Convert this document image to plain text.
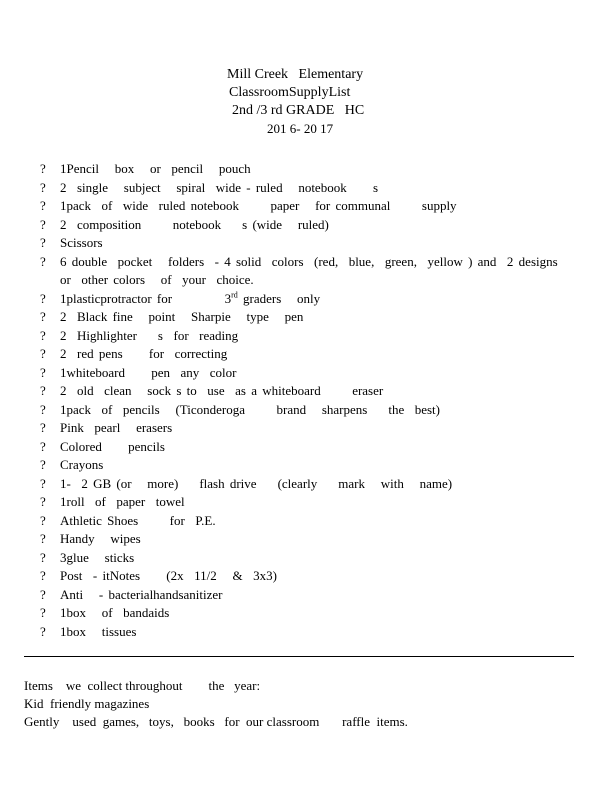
Mill Creek   Elementary
ClassroomSupplyList
2nd /3 rd GRADE   HC
201 6- 20 17
? 1Pencil   box   or  pencil   pouch
? 2  single   subject   spiral  wide - ruled   notebook     s
? 1pack  of  wide  ruled notebook      paper   for communal      supply
? 2  composition      notebook    s (wide   ruled)
? Scissors
? 6 double  pocket   folders  - 4 solid  colors  (red,  blue,  green,  yellow ) and  2 designs   or  other colors   of  your  choice.
? 1plasticprotractor for          3rd graders   only
? 2  Black fine   point   Sharpie   type   pen
? 2  Highlighter    s  for  reading
? 2  red pens     for  correcting
? 1whiteboard     pen  any  color
? 2  old  clean   sock s to  use  as a whiteboard      eraser
? 1pack  of  pencils   (Ticonderoga      brand   sharpens    the  best)
? Pink  pearl   erasers
? Colored     pencils
? Crayons
? 1-  2 GB (or   more)    flash drive    (clearly    mark   with   name)
? 1roll  of  paper  towel
? Athletic Shoes      for  P.E.
? Handy   wipes
? 3glue   sticks
? Post  - itNotes     (2x  11/2   &  3x3)
? Anti   - bacterialhandsanitizer
? 1box   of  bandaids
? 1box   tissues
Items    we  collect throughout        the   year:
Kid  friendly magazines
Gently    used  games,   toys,   books   for  our classroom       raffle  items.
